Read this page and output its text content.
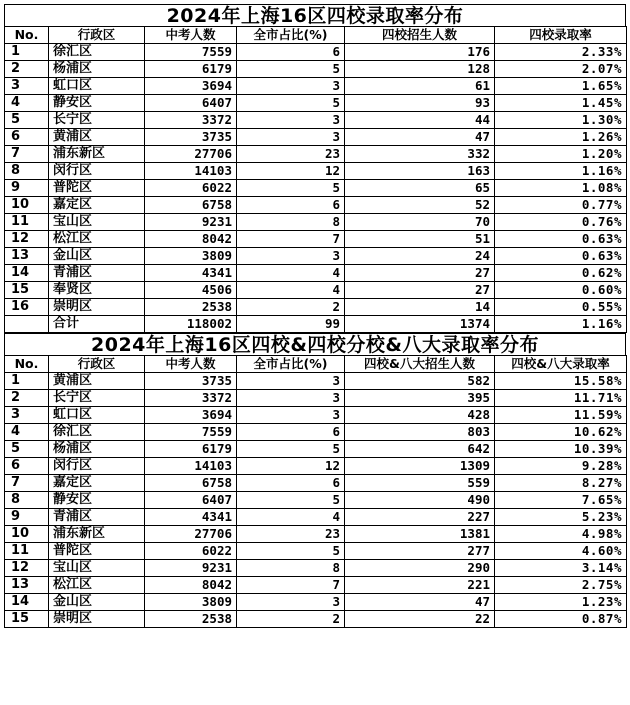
2024年上海16区四校录取率分布
No.	行政区	中考人数	全市占比(%)	四校招生人数	四校录取率
1	徐汇区	7559	6	176	2.33%
2	杨浦区	6179	5	128	2.07%
3	虹口区	3694	3	61	1.65%
4	静安区	6407	5	93	1.45%
5	长宁区	3372	3	44	1.30%
6	黄浦区	3735	3	47	1.26%
7	浦东新区	27706	23	332	1.20%
8	闵行区	14103	12	163	1.16%
9	普陀区	6022	5	65	1.08%
10	嘉定区	6758	6	52	0.77%
11	宝山区	9231	8	70	0.76%
12	松江区	8042	7	51	0.63%
13	金山区	3809	3	24	0.63%
14	青浦区	4341	4	27	0.62%
15	奉贤区	4506	4	27	0.60%
16	崇明区	2538	2	14	0.55%
	合计	118002	99	1374	1.16%
2024年上海16区四校&四校分校&八大录取率分布
No.	行政区	中考人数	全市占比(%)	四校&八大招生人数	四校&八大录取率
1	黄浦区	3735	3	582	15.58%
2	长宁区	3372	3	395	11.71%
3	虹口区	3694	3	428	11.59%
4	徐汇区	7559	6	803	10.62%
5	杨浦区	6179	5	642	10.39%
6	闵行区	14103	12	1309	9.28%
7	嘉定区	6758	6	559	8.27%
8	静安区	6407	5	490	7.65%
9	青浦区	4341	4	227	5.23%
10	浦东新区	27706	23	1381	4.98%
11	普陀区	6022	5	277	4.60%
12	宝山区	9231	8	290	3.14%
13	松江区	8042	7	221	2.75%
14	金山区	3809	3	47	1.23%
15	崇明区	2538	2	22	0.87%
